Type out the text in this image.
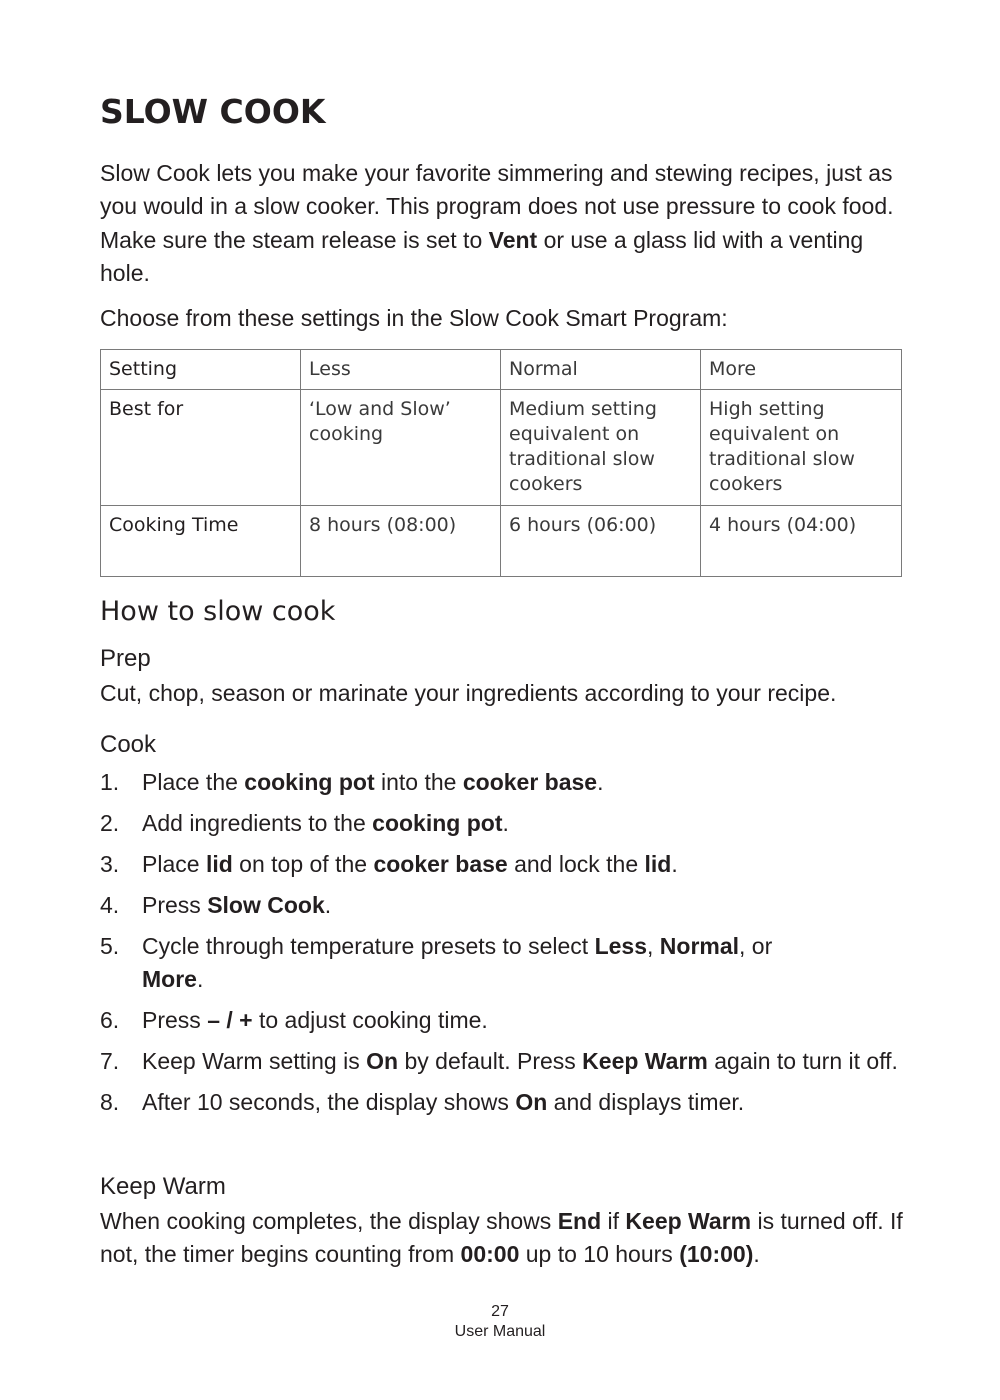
SLOW COOK

Slow Cook lets you make your favorite simmering and stewing recipes, just as you would in a slow cooker. This program does not use pressure to cook food. Make sure the steam release is set to Vent or use a glass lid with a venting hole.

Choose from these settings in the Slow Cook Smart Program:

Setting	Less	Normal	More
Best for	‘Low and Slow’ cooking	Medium setting equivalent on traditional slow cookers	High setting equivalent on traditional slow cookers
Cooking Time	8 hours (08:00)	6 hours (06:00)	4 hours (04:00)
How to slow cook
Prep

Cut, chop, season or marinate your ingredients according to your recipe.

Cook
1. Place the cooking pot into the cooker base.
2. Add ingredients to the cooking pot.
3. Place lid on top of the cooker base and lock the lid.
4. Press Slow Cook.
5. Cycle through temperature presets to select Less, Normal, or More.
6. Press – / + to adjust cooking time.
7. Keep Warm setting is On by default. Press Keep Warm again to turn it off.
8. After 10 seconds, the display shows On and displays timer.
Keep Warm

When cooking completes, the display shows End if Keep Warm is turned off. If not, the timer begins counting from 00:00 up to 10 hours (10:00).

27
User Manual
